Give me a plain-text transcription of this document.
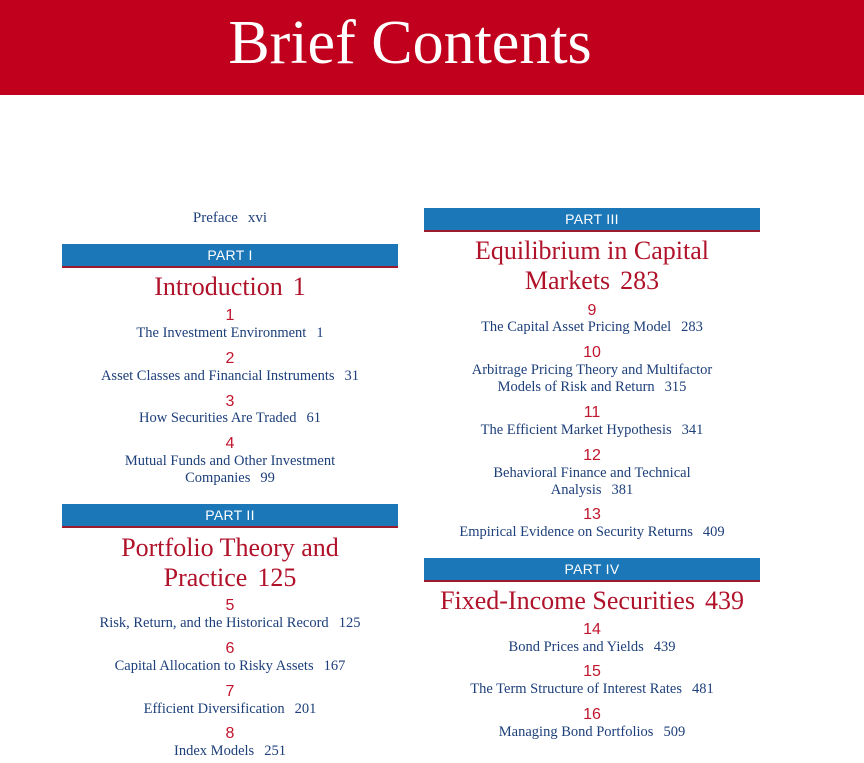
Brief Contents
Preface xvi
PART I
Introduction 1
1
The Investment Environment 1
2
Asset Classes and Financial Instruments 31
3
How Securities Are Traded 61
4
Mutual Funds and Other Investment
Companies 99
PART II
Portfolio Theory and
Practice 125
5
Risk, Return, and the Historical Record 125
6
Capital Allocation to Risky Assets 167
7
Efficient Diversification 201
8
Index Models 251
PART III
Equilibrium in Capital
Markets 283
9
The Capital Asset Pricing Model 283
10
Arbitrage Pricing Theory and Multifactor
Models of Risk and Return 315
11
The Efficient Market Hypothesis 341
12
Behavioral Finance and Technical
Analysis 381
13
Empirical Evidence on Security Returns 409
PART IV
Fixed-Income Securities 439
14
Bond Prices and Yields 439
15
The Term Structure of Interest Rates 481
16
Managing Bond Portfolios 509
